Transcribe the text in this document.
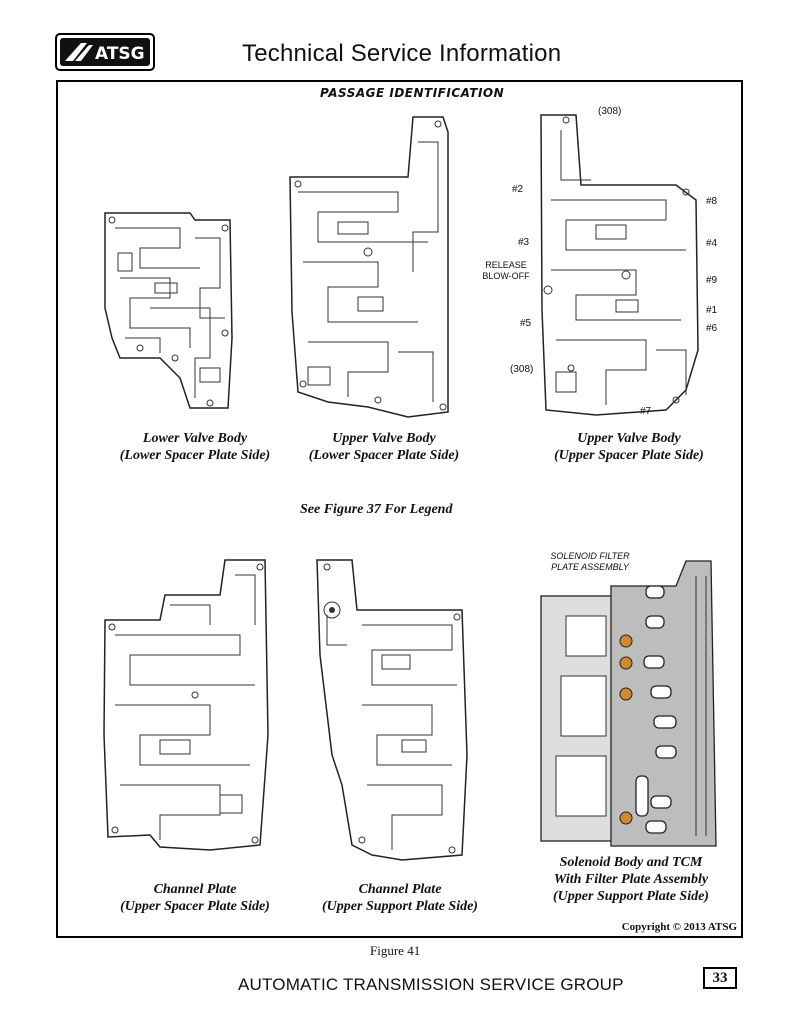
ATSG	Technical Service Information
PASSAGE IDENTIFICATION
Lower Valve Body
(Lower Spacer Plate Side)
Upper Valve Body
(Lower Spacer Plate Side)
(308)
#2
#8
#3	#4
RELEASE
BLOW-OFF	#9
#1
#5	#6
(308)
#7
Upper Valve Body
(Upper Spacer Plate Side)
See Figure 37 For Legend
Channel Plate
(Upper Spacer Plate Side)
Channel Plate
(Upper Support Plate Side)
SOLENOID FILTER
PLATE ASSEMBLY
Solenoid Body and TCM
With Filter Plate Assembly
(Upper Support Plate Side)
Copyright © 2013 ATSG
Figure 41
AUTOMATIC TRANSMISSION SERVICE GROUP	33
